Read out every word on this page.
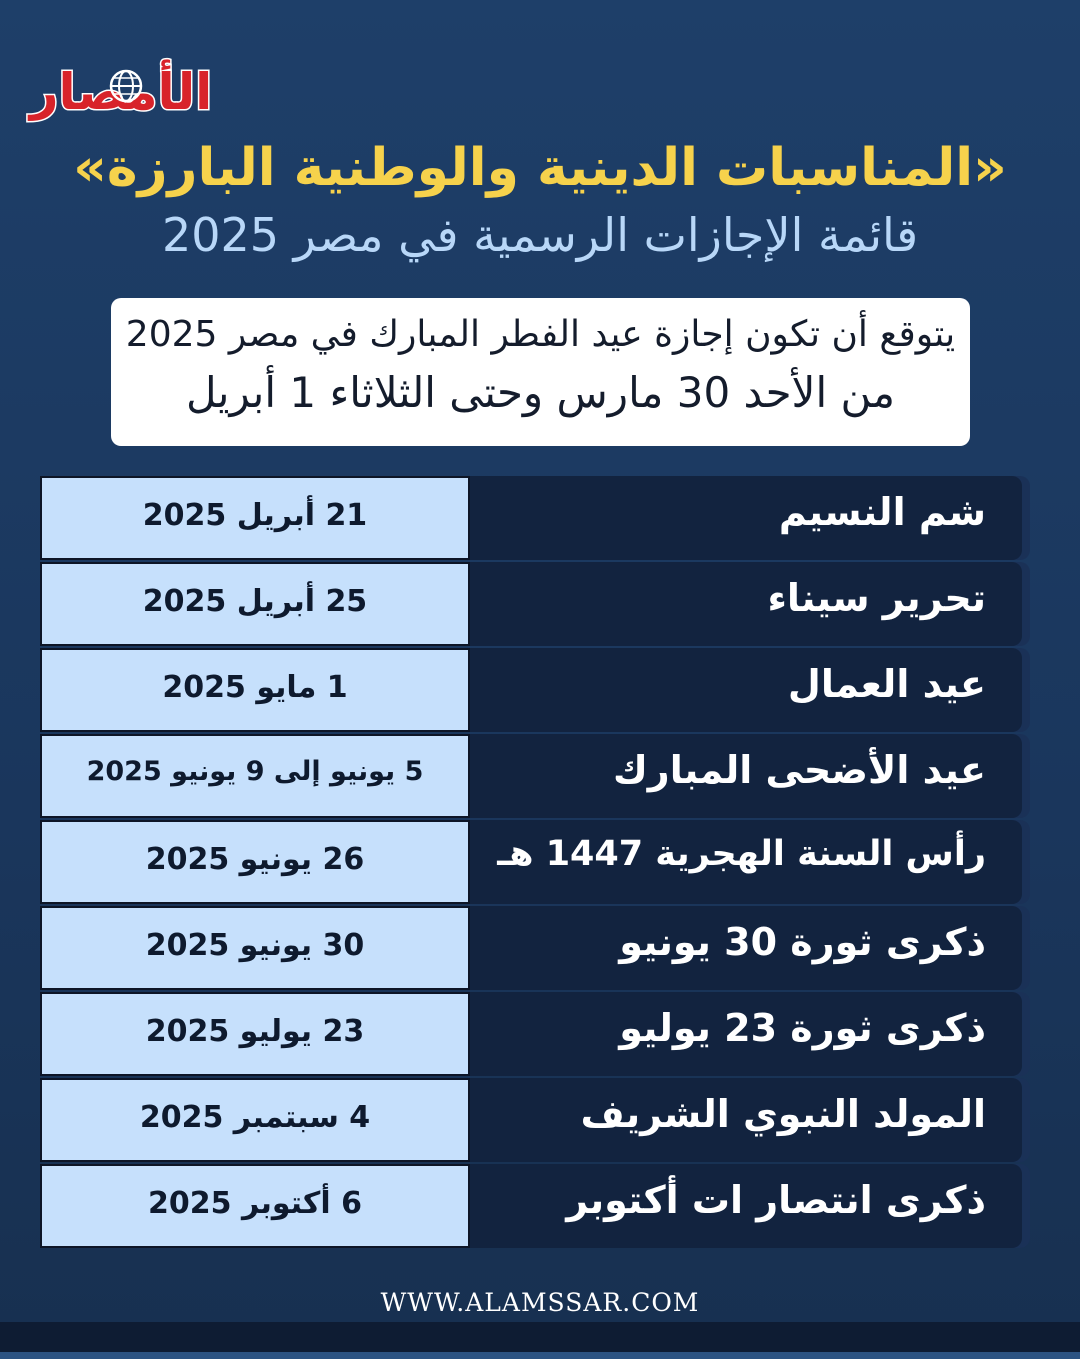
الأمصار
«المناسبات الدينية والوطنية البارزة»
قائمة الإجازات الرسمية في مصر 2025
يتوقع أن تكون إجازة عيد الفطر المبارك في مصر 2025
من الأحد 30 مارس وحتى الثلاثاء 1 أبريل
شم النسيم
21 أبريل 2025
تحرير سيناء
25 أبريل 2025
عيد العمال
1 مايو 2025
عيد الأضحى المبارك
5 يونيو إلى 9 يونيو 2025
رأس السنة الهجرية 1447 هـ
26 يونيو 2025
ذكرى ثورة 30 يونيو
30 يونيو 2025
ذكرى ثورة 23 يوليو
23 يوليو 2025
المولد النبوي الشريف
4 سبتمبر 2025
ذكرى انتصار ات أكتوبر
6 أكتوبر 2025
WWW.ALAMSSAR.COM
